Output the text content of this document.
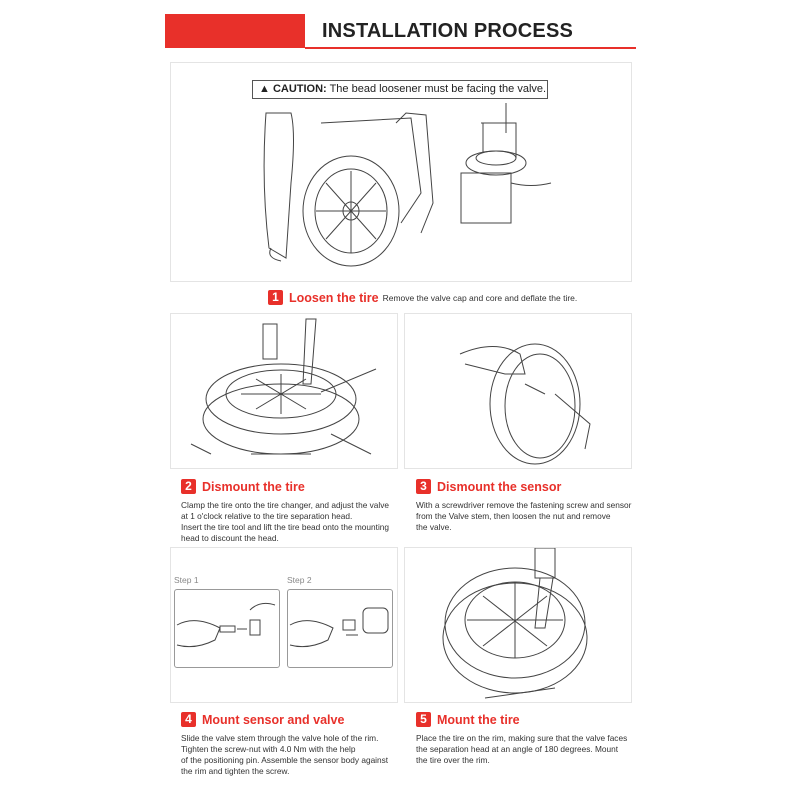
INSTALLATION PROCESS
▲ CAUTION: The bead loosener must be facing the valve.
1 Loosen the tire Remove the valve cap and core and deflate the tire.
2 Dismount the tire

Clamp the tire onto the tire changer, and adjust the valve

at 1 o'clock relative to the tire separation head.

Insert the tire tool and lift the tire bead onto the mounting

head to discount the head.

3 Dismount the sensor

With a screwdriver remove the fastening screw and sensor

from the Valve stem, then loosen the nut and remove

the valve.

Step 1	Step 2
4 Mount sensor and valve

Slide the valve stem through the valve hole of the rim.

Tighten the screw-nut with 4.0 Nm with the help

of the positioning pin. Assemble the sensor body against

the rim and tighten the screw.

5 Mount the tire

Place the tire on the rim, making sure that the valve faces

the separation head at an angle of 180 degrees. Mount

the tire over the rim.
